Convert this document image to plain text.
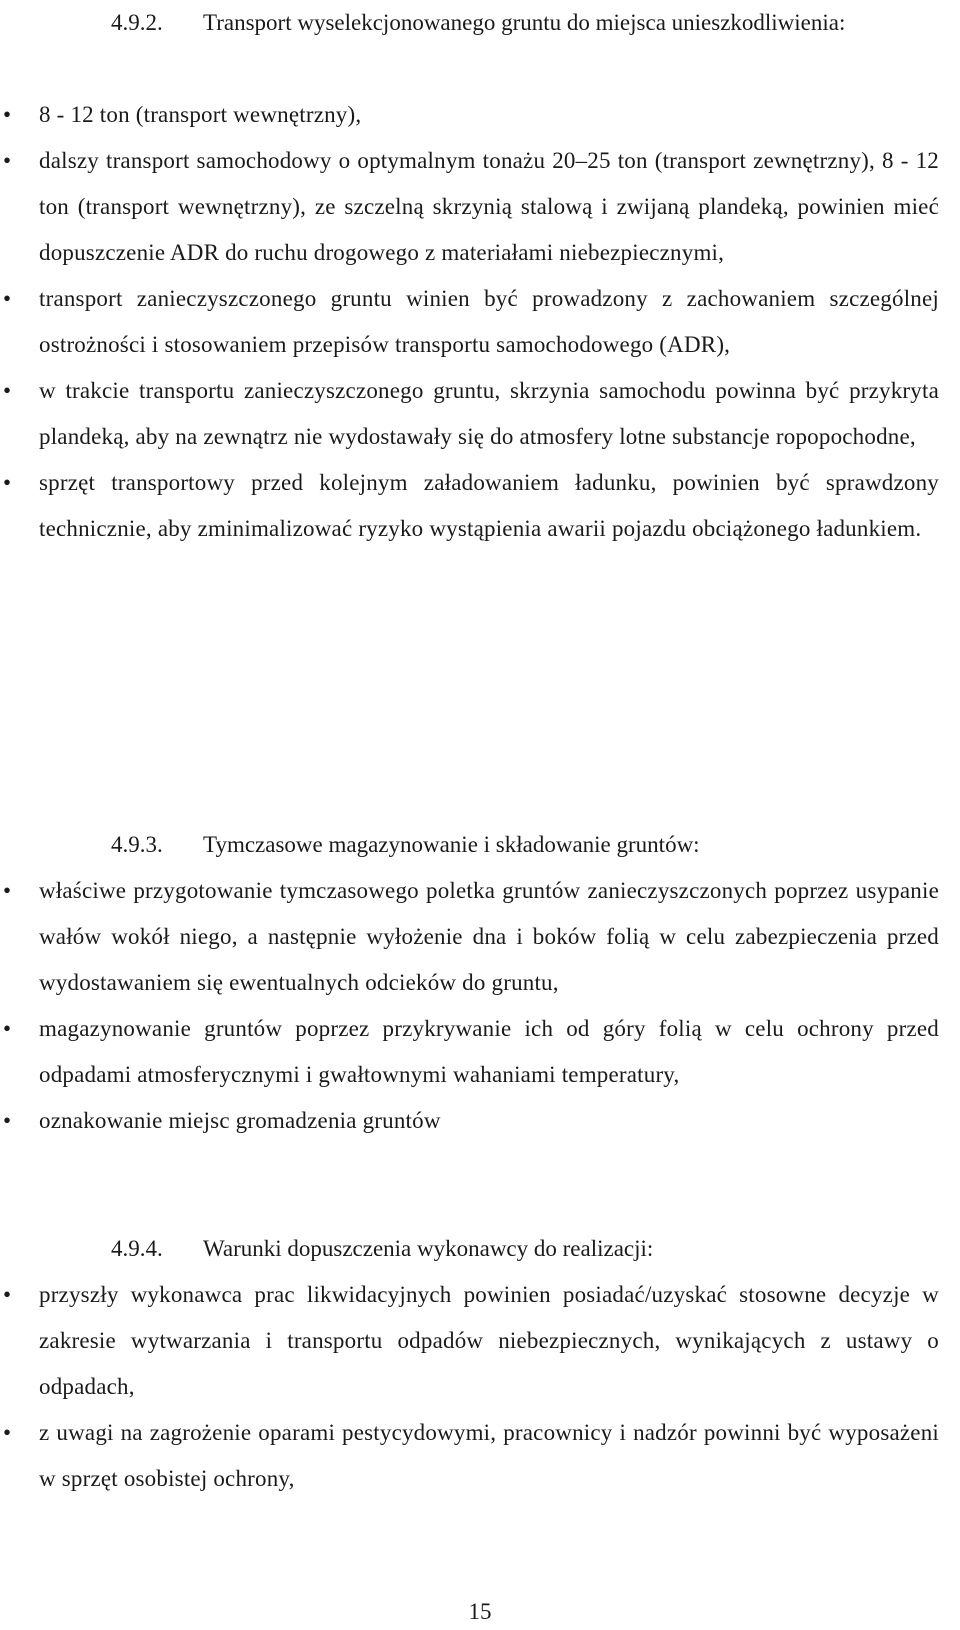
4.9.2. Transport wyselekcjonowanego gruntu do miejsca unieszkodliwienia:
• 8 - 12 ton (transport wewnętrzny),
• dalszy transport samochodowy o optymalnym tonażu 20–25 ton (transport zewnętrzny), 8 - 12 ton (transport wewnętrzny), ze szczelną skrzynią stalową i zwijaną plandeką, powinien mieć dopuszczenie ADR do ruchu drogowego z materiałami niebezpiecznymi,
• transport zanieczyszczonego gruntu winien być prowadzony z zachowaniem szczególnej ostrożności i stosowaniem przepisów transportu samochodowego (ADR),
• w trakcie transportu zanieczyszczonego gruntu, skrzynia samochodu powinna być przykryta plandeką, aby na zewnątrz nie wydostawały się do atmosfery lotne substancje ropopochodne,
• sprzęt transportowy przed kolejnym załadowaniem ładunku, powinien być sprawdzony technicznie, aby zminimalizować ryzyko wystąpienia awarii pojazdu obciążonego ładunkiem.
4.9.3. Tymczasowe magazynowanie i składowanie gruntów:
• właściwe przygotowanie tymczasowego poletka gruntów zanieczyszczonych poprzez usypanie wałów wokół niego, a następnie wyłożenie dna i boków folią w celu zabezpieczenia przed wydostawaniem się ewentualnych odcieków do gruntu,
• magazynowanie gruntów poprzez przykrywanie ich od góry folią w celu ochrony przed odpadami atmosferycznymi i gwałtownymi wahaniami temperatury,
• oznakowanie miejsc gromadzenia gruntów
4.9.4. Warunki dopuszczenia wykonawcy do realizacji:
• przyszły wykonawca prac likwidacyjnych powinien posiadać/uzyskać stosowne decyzje w zakresie wytwarzania i transportu odpadów niebezpiecznych, wynikających z ustawy o odpadach,
• z uwagi na zagrożenie oparami pestycydowymi, pracownicy i nadzór powinni być wyposażeni w sprzęt osobistej ochrony,
15
